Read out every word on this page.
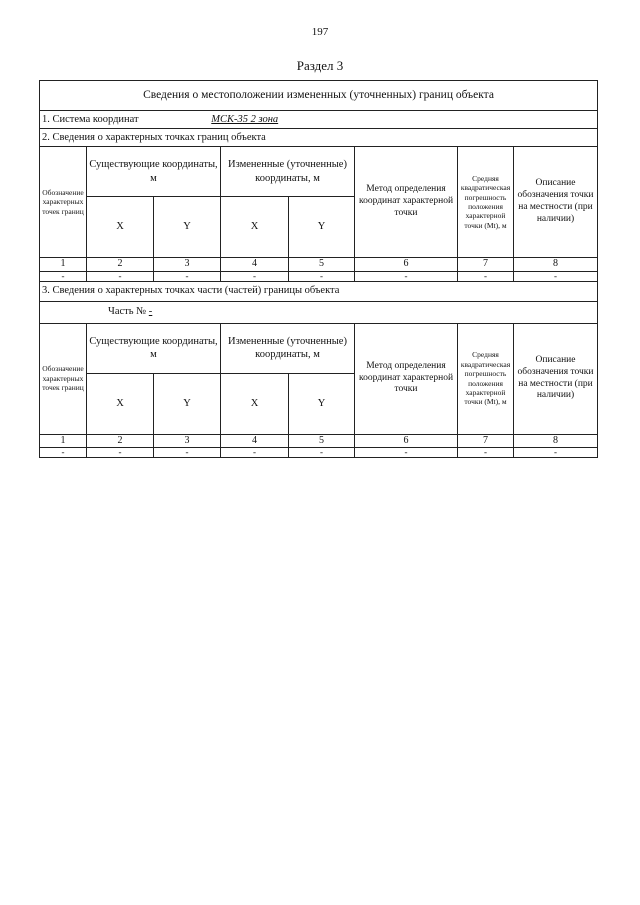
197
Раздел 3
Сведения о местоположении измененных (уточненных) границ объекта							
1. Система координат МСК-35 2 зона							
2. Сведения о характерных точках границ объекта							
Обозначение характерных точек границ	Существующие координаты, м		Измененные (уточненные) координаты, м		Метод определения координат характерной точки	Средняя квадратическая погрешность положения характерной точки (Mt), м	Описание обозначения точки на местности (при наличии)
	X	Y	X	Y			
1	2	3	4	5	6	7	8
-	-	-	-	-	-	-	-
3. Сведения о характерных точках части (частей) границы объекта							
Часть № -							
Обозначение характерных точек границ	Существующие координаты, м		Измененные (уточненные) координаты, м		Метод определения координат характерной точки	Средняя квадратическая погрешность положения характерной точки (Mt), м	Описание обозначения точки на местности (при наличии)
	X	Y	X	Y			
1	2	3	4	5	6	7	8
-	-	-	-	-	-	-	-
